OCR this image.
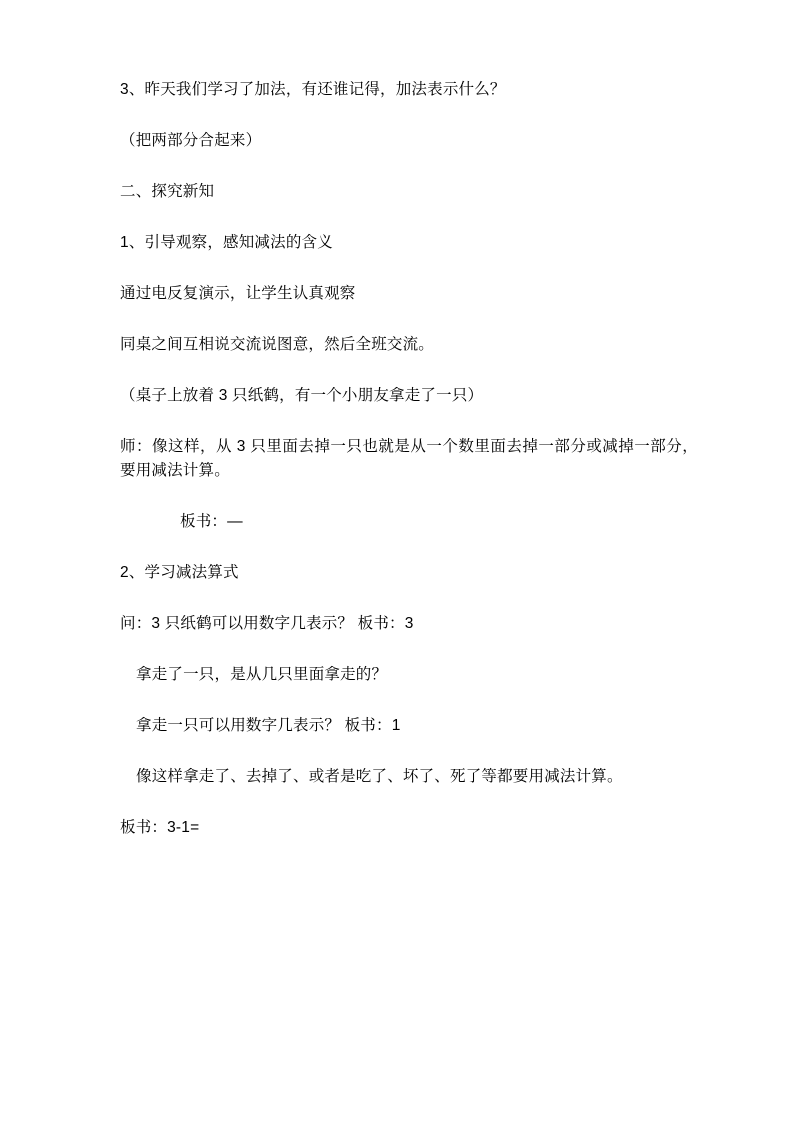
3、昨天我们学习了加法，有还谁记得，加法表示什么？

（把两部分合起来）

二、探究新知

1、引导观察，感知减法的含义

通过电反复演示，让学生认真观察

同桌之间互相说交流说图意，然后全班交流。

（桌子上放着 3 只纸鹤，有一个小朋友拿走了一只）

师：像这样，从 3 只里面去掉一只也就是从一个数里面去掉一部分或减掉一部分，要用减法计算。

板书：—

2、学习减法算式

问：3 只纸鹤可以用数字几表示？ 板书：3

拿走了一只，是从几只里面拿走的？

拿走一只可以用数字几表示？ 板书：1

像这样拿走了、去掉了、或者是吃了、坏了、死了等都要用减法计算。

板书：3-1=
